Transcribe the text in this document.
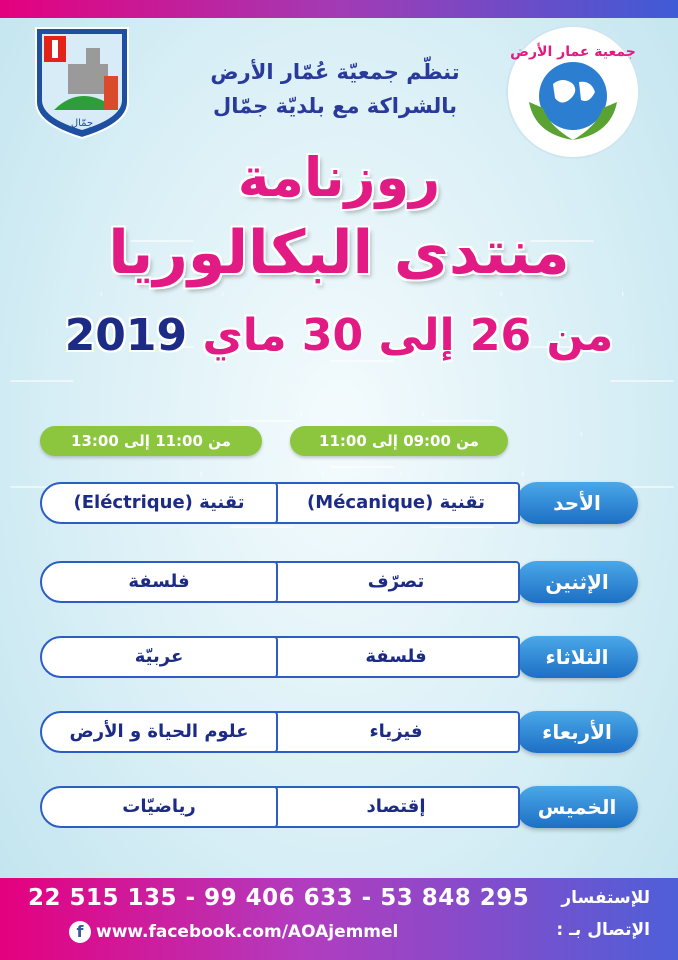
جمّال
جمعية عمار الأرض
تنظّم جمعيّة عُمّار الأرض
بالشراكة مع بلديّة جمّال
روزنامة
منتدى البكالوريا
من 26 إلى 30 ماي 2019
من 09:00 إلى 11:00
من 11:00 إلى 13:00
الأحد
تقنية (Mécanique)
تقنية (Eléctrique)
الإثنين
تصرّف
فلسفة
الثلاثاء
فلسفة
عربيّة
الأربعاء
فيزياء
علوم الحياة و الأرض
الخميس
إقتصاد
رياضيّات
22 515 135 - 99 406 633 - 53 848 295
f www.facebook.com/AOAjemmel
للإستفسار
الإتصال بـ :
